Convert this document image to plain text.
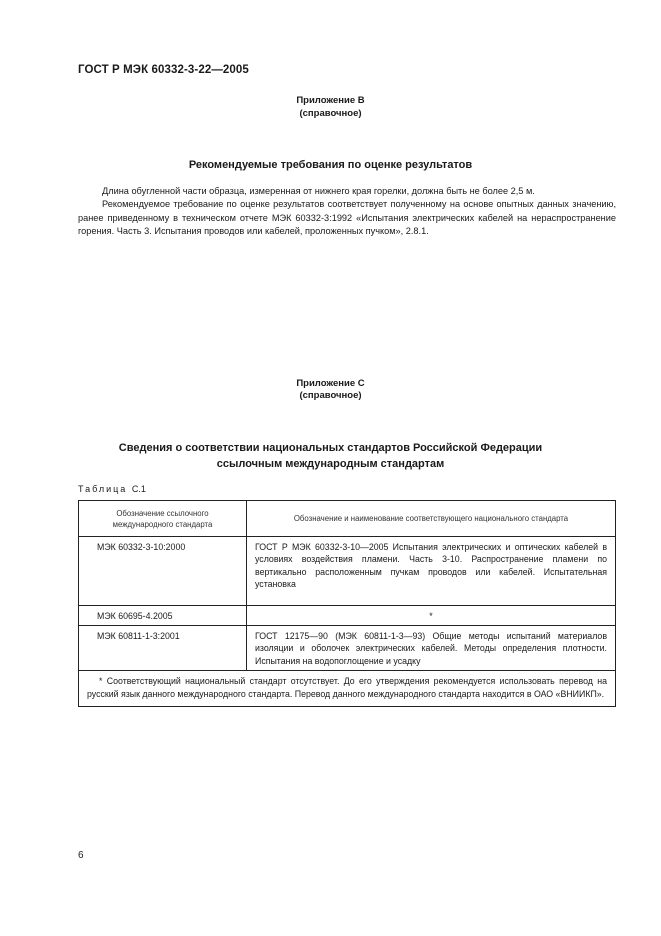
ГОСТ Р МЭК 60332-3-22—2005
Приложение В
(справочное)
Рекомендуемые требования по оценке результатов
Длина обугленной части образца, измеренная от нижнего края горелки, должна быть не более 2,5 м.
Рекомендуемое требование по оценке результатов соответствует полученному на основе опытных данных значению, ранее приведенному в техническом отчете МЭК 60332-3:1992 «Испытания электрических кабелей на нераспространение горения. Часть 3. Испытания проводов или кабелей, проложенных пучком», 2.8.1.
Приложение С
(справочное)
Сведения о соответствии национальных стандартов Российской Федерации
ссылочным международным стандартам
Таблица С.1
Обозначение ссылочного международного стандарта	Обозначение и наименование соответствующего национального стандарта
МЭК 60332-3-10:2000	ГОСТ Р МЭК 60332-3-10—2005 Испытания электрических и оптических кабелей в условиях воздействия пламени. Часть 3-10. Распространение пламени по вертикально расположенным пучкам проводов или кабелей. Испытательная установка
МЭК 60695-4.2005	*
МЭК 60811-1-3:2001	ГОСТ 12175—90 (МЭК 60811-1-3—93) Общие методы испытаний материалов изоляции и оболочек электрических кабелей. Методы определения плотности. Испытания на водопоглощение и усадку
* Соответствующий национальный стандарт отсутствует. До его утверждения рекомендуется использовать перевод на русский язык данного международного стандарта. Перевод данного международного стандарта находится в ОАО «ВНИИКП».	
6
